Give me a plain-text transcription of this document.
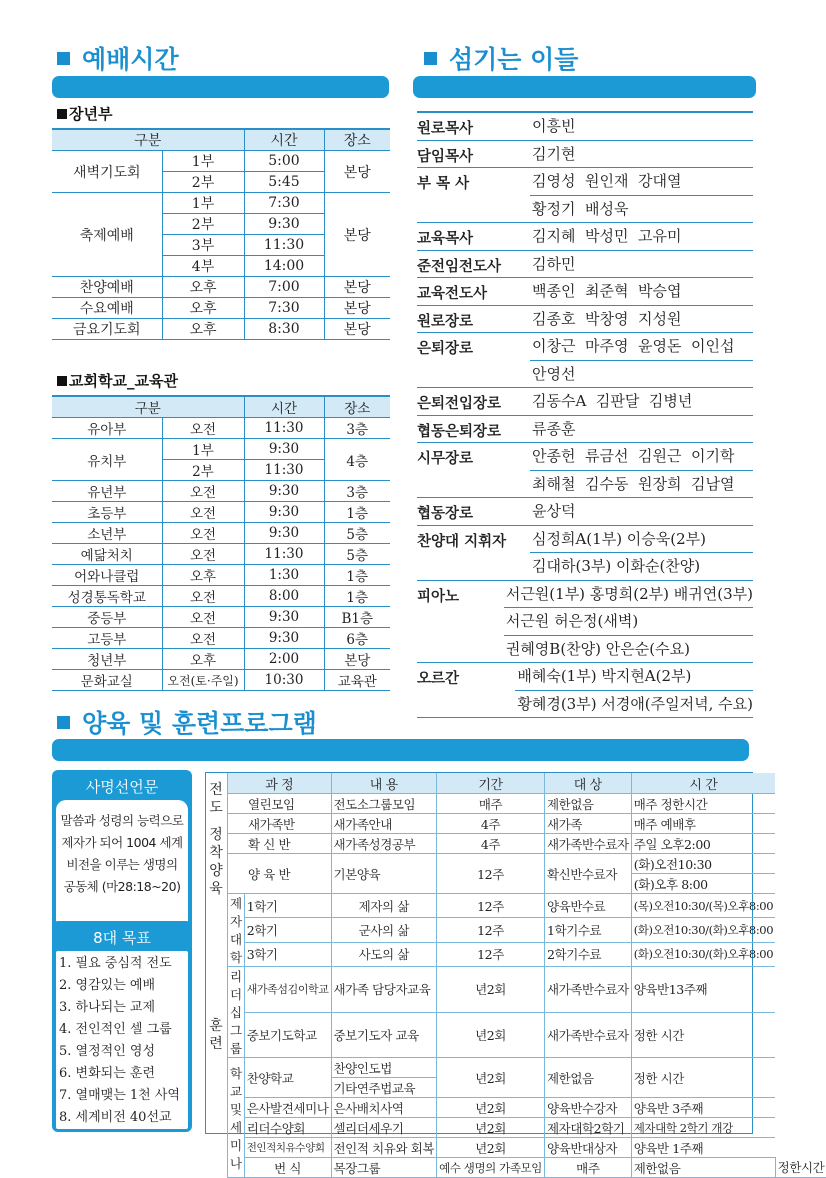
예배시간
장년부
구분		시간	장소
새벽기도회	1부	5:00	본당
	2부	5:45	
축제예배	1부	7:30	본당
	2부	9:30	
	3부	11:30	
	4부	14:00	
찬양예배	오후	7:00	본당
수요예배	오후	7:30	본당
금요기도회	오후	8:30	본당
교회학교_교육관
구분		시간	장소
유아부	오전	11:30	3층
유치부	1부	9:30	4층
	2부	11:30	
유년부	오전	9:30	3층
초등부	오전	9:30	1층
소년부	오전	9:30	5층
예닮처치	오전	11:30	5층
어와나클럽	오후	1:30	1층
성경통독학교	오전	8:00	1층
중등부	오전	9:30	B1층
고등부	오전	9:30	6층
청년부	오후	2:00	본당
문화교실	오전(토·주일)	10:30	교육관
섬기는 이들
원로목사	이흥빈
담임목사	김기현
부 목 사	김영성  원인재  강대열
황정기  배성욱
교육목사	김지혜  박성민  고유미
준전임전도사	김하민
교육전도사	백종인  최준혁  박승엽
원로장로	김종호  박창영  지성원
은퇴장로	이창근  마주영  윤영돈  이인섭
안영선
은퇴전입장로	김동수A  김판달  김병년
협동은퇴장로	류종훈
시무장로	안종헌  류금선  김원근  이기학
최해철  김수동  원장희  김남열
협동장로	윤상덕
찬양대 지휘자	심정희A(1부) 이승욱(2부)
김대하(3부) 이화순(찬양)
피아노	서근원(1부) 홍명희(2부) 배귀연(3부)
서근원 허은정(새벽)
권혜영B(찬양) 안은순(수요)
오르간	배혜숙(1부) 박지현A(2부)
황혜경(3부) 서경애(주일저녁, 수요)
양육 및 훈련프로그램
사명선언문
말씀과 성령의 능력으로 제자가 되어 1004 세계 비전을 이루는 생명의 공동체 (마28:18~20)
8대 목표
1. 필요 중심적 전도
2. 영감있는 예배
3. 하나되는 교제
4. 전인적인 셀 그룹
5. 열정적인 영성
6. 변화되는 훈련
7. 열매맺는 1천 사역
8. 세계비전 40선교
전
도
정
착
양
육
훈
련
과 정		내 용	기간	대 상	시 간	
열린모임		전도소그룹모임	매주	제한없음	매주 정한시간	
새가족반		새가족안내	4주	새가족	매주 예배후	
확 신 반		새가족성경공부	4주	새가족반수료자	주일 오후2:00	
양 육 반		기본양육	12주	확신반수료자	(화)오전10:30	
					(화)오후 8:00	
제자 대학	1학기	제자의 삶	12주	양육반수료	(목)오전10:30/(목)오후8:00	
	2학기	군사의 삶	12주	1학기수료	(화)오전10:30/(화)오후8:00	
	3학기	사도의 삶	12주	2학기수료	(화)오전10:30/(화)오후8:00	
리더십 그룹	새가족섬김이학교	새가족 담당자교육	년2회	새가족반수료자	양육반13주째	
	중보기도학교	중보기도자 교육	년2회	새가족반수료자	정한 시간	
학교 및 세미나	찬양학교	찬양인도법	년2회	제한없음	정한 시간	
		기타연주법교육				
	은사발견세미나	은사배치사역	년2회	양육반수강자	양육반 3주째	
	리더수양회	셀리더세우기	년2회	제자대학2학기	제자대학 2학기 개강	
	전인적치유수양회	전인적 치유와 회복	년2회	양육반대상자	양육반 1주째	
	번 식	목장그룹	예수 생명의 가족모임	매주	제한없음	정한시간
